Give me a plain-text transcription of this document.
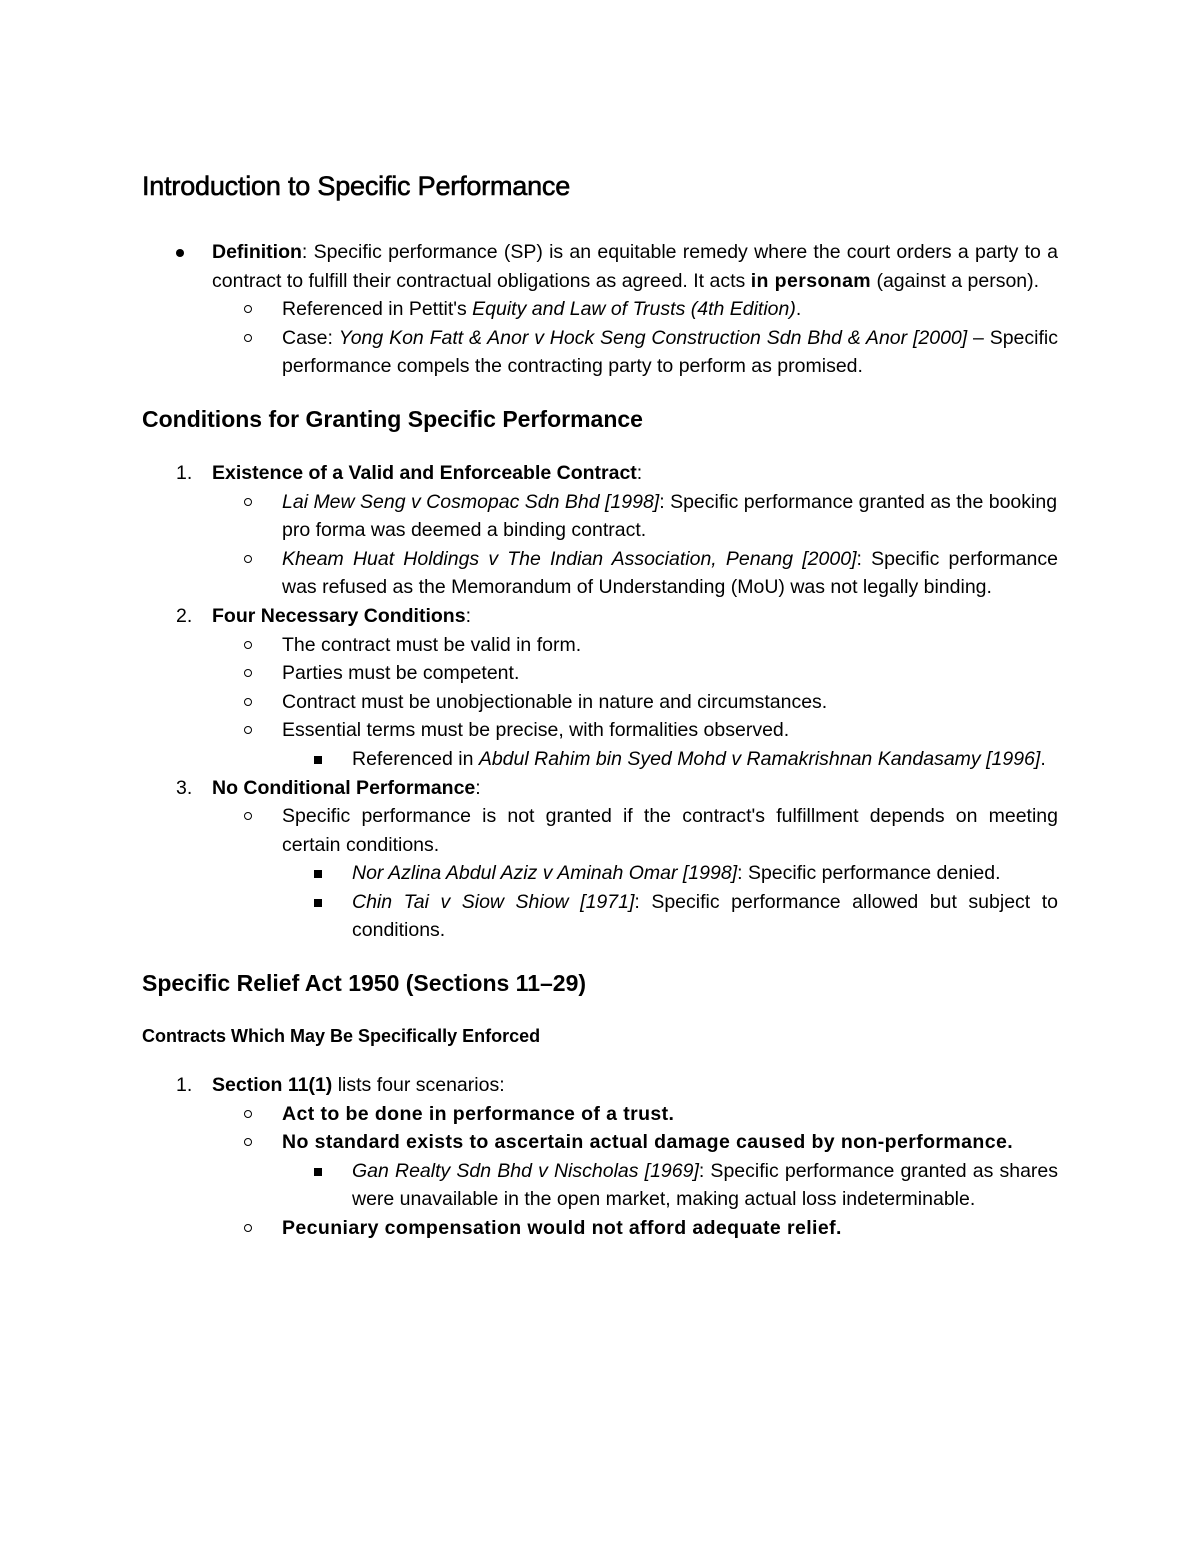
Introduction to Specific Performance
Definition: Specific performance (SP) is an equitable remedy where the court orders a party to a contract to fulfill their contractual obligations as agreed. It acts in personam (against a person).
Referenced in Pettit's Equity and Law of Trusts (4th Edition).
Case: Yong Kon Fatt & Anor v Hock Seng Construction Sdn Bhd & Anor [2000] – Specific performance compels the contracting party to perform as promised.
Conditions for Granting Specific Performance
1. Existence of a Valid and Enforceable Contract:
Lai Mew Seng v Cosmopac Sdn Bhd [1998]: Specific performance granted as the booking pro forma was deemed a binding contract.
Kheam Huat Holdings v The Indian Association, Penang [2000]: Specific performance was refused as the Memorandum of Understanding (MoU) was not legally binding.
2. Four Necessary Conditions:
The contract must be valid in form.
Parties must be competent.
Contract must be unobjectionable in nature and circumstances.
Essential terms must be precise, with formalities observed.
Referenced in Abdul Rahim bin Syed Mohd v Ramakrishnan Kandasamy [1996].
3. No Conditional Performance:
Specific performance is not granted if the contract's fulfillment depends on meeting certain conditions.
Nor Azlina Abdul Aziz v Aminah Omar [1998]: Specific performance denied.
Chin Tai v Siow Shiow [1971]: Specific performance allowed but subject to conditions.
Specific Relief Act 1950 (Sections 11–29)
Contracts Which May Be Specifically Enforced
1. Section 11(1) lists four scenarios:
Act to be done in performance of a trust.
No standard exists to ascertain actual damage caused by non-performance.
Gan Realty Sdn Bhd v Nischolas [1969]: Specific performance granted as shares were unavailable in the open market, making actual loss indeterminable.
Pecuniary compensation would not afford adequate relief.
